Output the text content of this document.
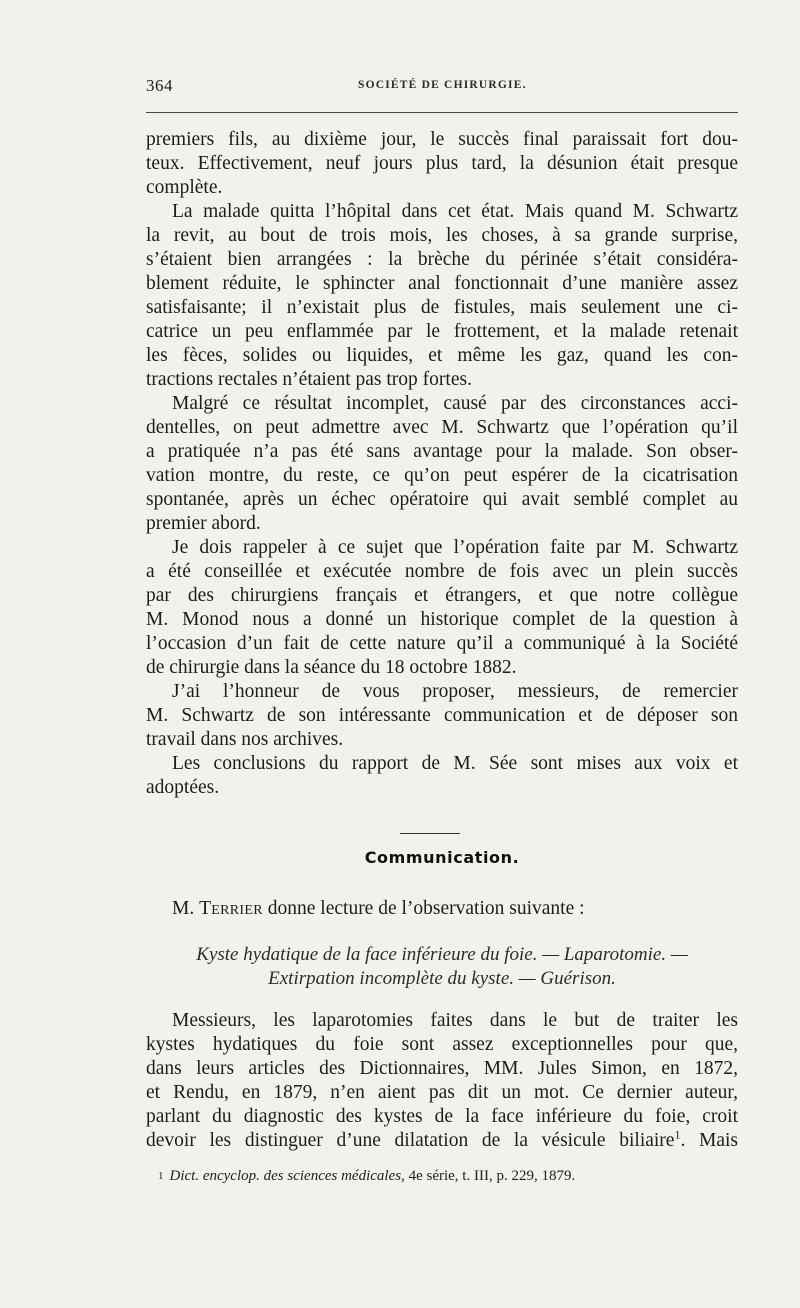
364	SOCIÉTÉ DE CHIRURGIE.
premiers fils, au dixième jour, le succès final paraissait fort dou-
teux. Effectivement, neuf jours plus tard, la désunion était presque
complète.
La malade quitta l’hôpital dans cet état. Mais quand M. Schwartz
la revit, au bout de trois mois, les choses, à sa grande surprise,
s’étaient bien arrangées : la brèche du périnée s’était considéra-
blement réduite, le sphincter anal fonctionnait d’une manière assez
satisfaisante; il n’existait plus de fistules, mais seulement une ci-
catrice un peu enflammée par le frottement, et la malade retenait
les fèces, solides ou liquides, et même les gaz, quand les con-
tractions rectales n’étaient pas trop fortes.
Malgré ce résultat incomplet, causé par des circonstances acci-
dentelles, on peut admettre avec M. Schwartz que l’opération qu’il
a pratiquée n’a pas été sans avantage pour la malade. Son obser-
vation montre, du reste, ce qu’on peut espérer de la cicatrisation
spontanée, après un échec opératoire qui avait semblé complet au
premier abord.
Je dois rappeler à ce sujet que l’opération faite par M. Schwartz
a été conseillée et exécutée nombre de fois avec un plein succès
par des chirurgiens français et étrangers, et que notre collègue
M. Monod nous a donné un historique complet de la question à
l’occasion d’un fait de cette nature qu’il a communiqué à la Société
de chirurgie dans la séance du 18 octobre 1882.
J’ai l’honneur de vous proposer, messieurs, de remercier
M. Schwartz de son intéressante communication et de déposer son
travail dans nos archives.
Les conclusions du rapport de M. Sée sont mises aux voix et
adoptées.
Communication.
M. Terrier donne lecture de l’observation suivante :
Kyste hydatique de la face inférieure du foie. — Laparotomie. —
Extirpation incomplète du kyste. — Guérison.
Messieurs, les laparotomies faites dans le but de traiter les
kystes hydatiques du foie sont assez exceptionnelles pour que,
dans leurs articles des Dictionnaires, MM. Jules Simon, en 1872,
et Rendu, en 1879, n’en aient pas dit un mot. Ce dernier auteur,
parlant du diagnostic des kystes de la face inférieure du foie, croit
devoir les distinguer d’une dilatation de la vésicule biliaire$^1$. Mais
$^1$ Dict. encyclop. des sciences médicales, 4e série, t. III, p. 229, 1879.
